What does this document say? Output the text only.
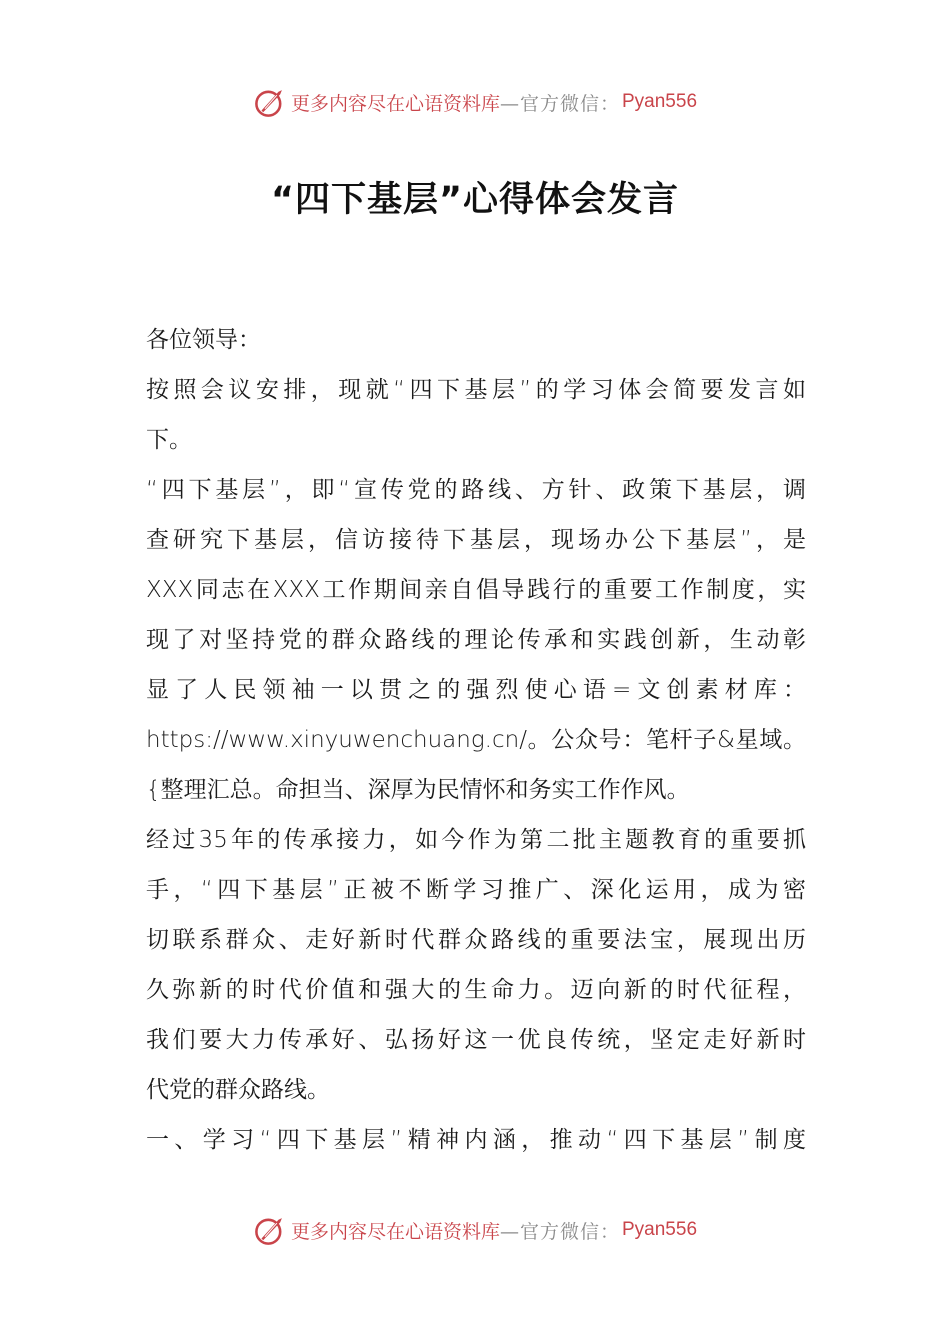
更多内容尽在心语资料库 —官方微信： Pyan556
“四下基层”心得体会发言
各位领导：
按照会议安排，现就“四下基层”的学习体会简要发言如
下。
“四下基层”，即“宣传党的路线、方针、政策下基层，调
查研究下基层，信访接待下基层，现场办公下基层”，是
XXX同志在XXX工作期间亲自倡导践行的重要工作制度，实
现了对坚持党的群众路线的理论传承和实践创新，生动彰
显了人民领袖一以贯之的强烈使心语=文创素材库：
https://www.xinyuwenchuang.cn/。公众号：笔杆子&星域。
{整理汇总。命担当、深厚为民情怀和务实工作作风。
经过35年的传承接力，如今作为第二批主题教育的重要抓
手，“四下基层”正被不断学习推广、深化运用，成为密
切联系群众、走好新时代群众路线的重要法宝，展现出历
久弥新的时代价值和强大的生命力。迈向新的时代征程，
我们要大力传承好、弘扬好这一优良传统，坚定走好新时
代党的群众路线。
一、学习“四下基层”精神内涵，推动“四下基层”制度
更多内容尽在心语资料库 —官方微信： Pyan556
